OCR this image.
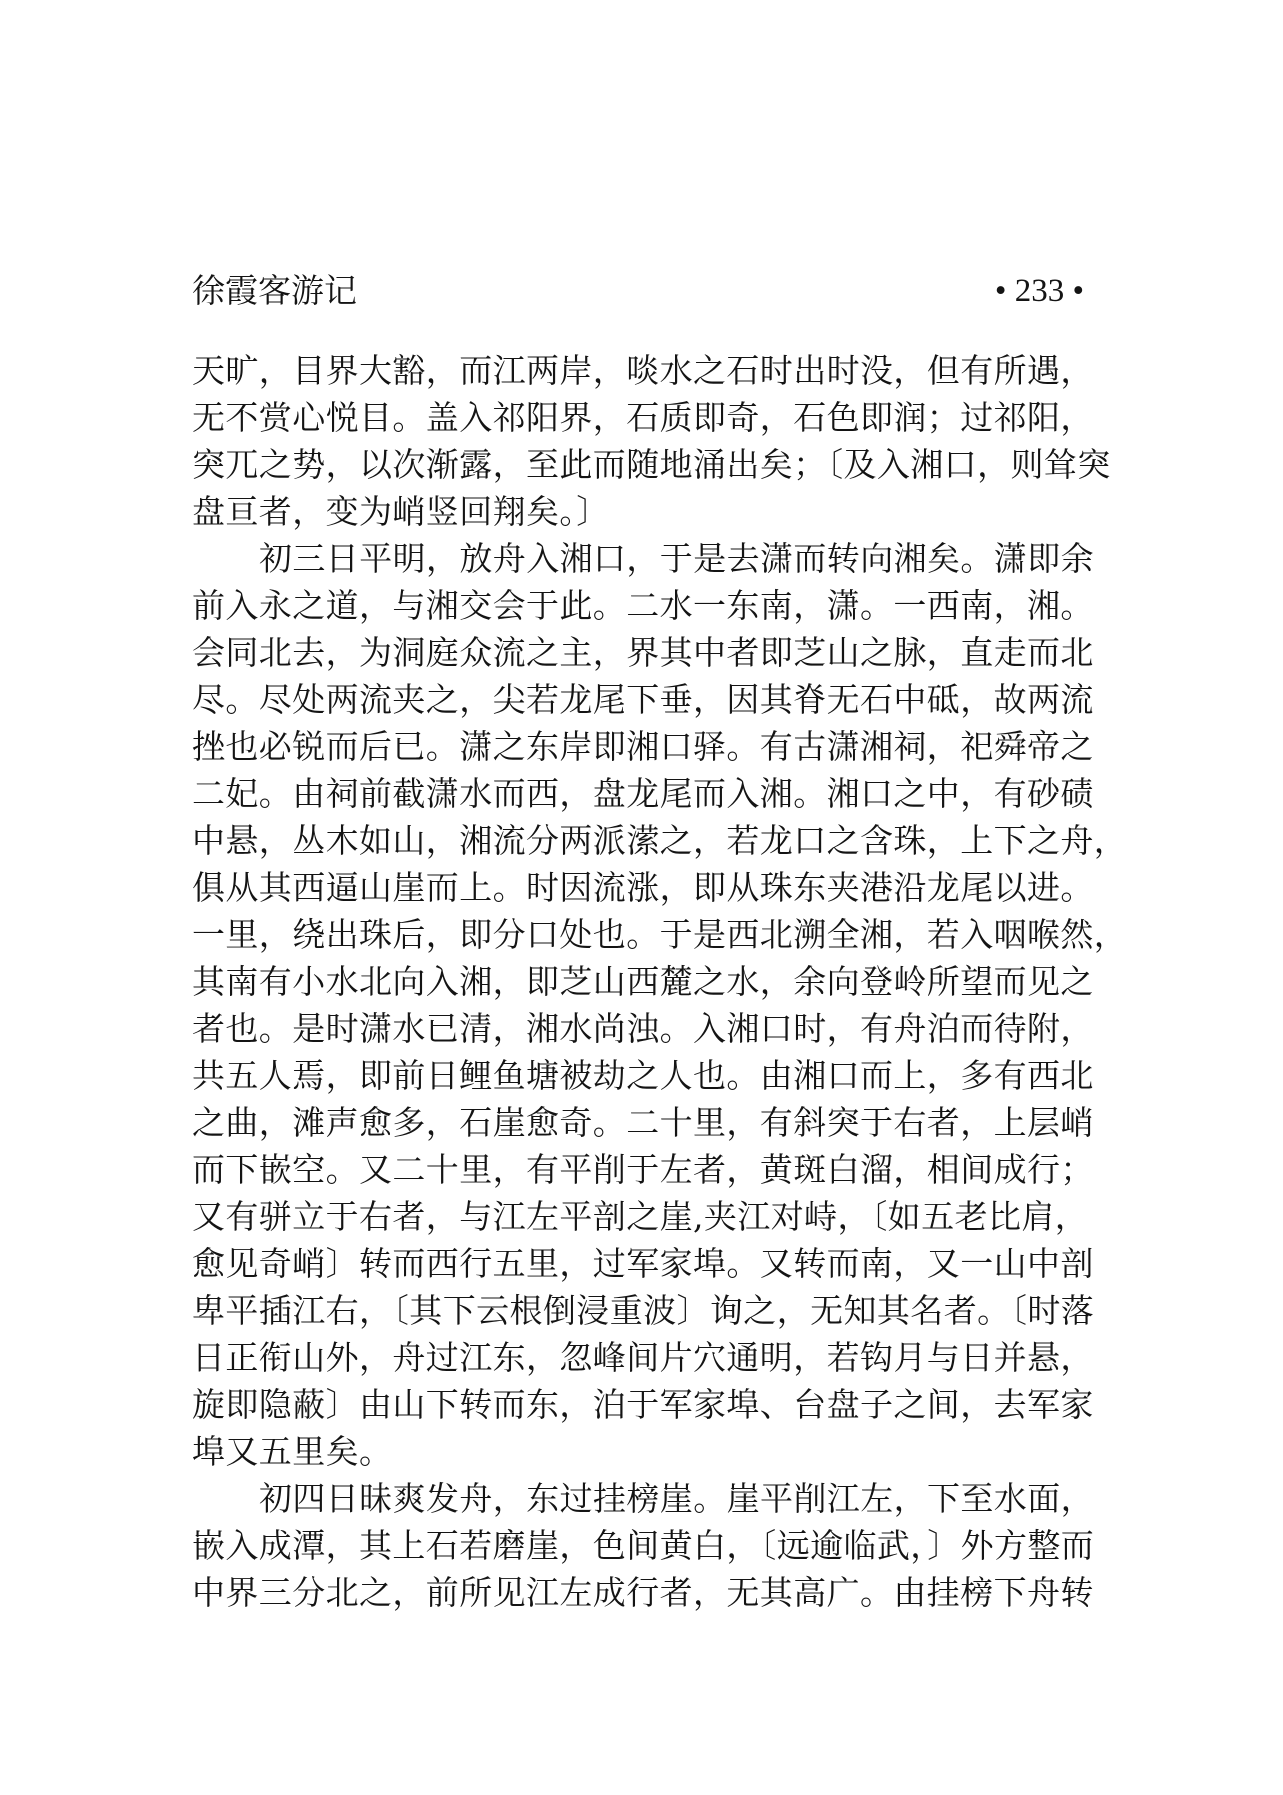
徐霞客游记	• 233 •
天旷，目界大豁，而江两岸，啖水之石时出时没，但有所遇，
无不赏心悦目。盖入祁阳界，石质即奇，石色即润；过祁阳，
突兀之势，以次渐露，至此而随地涌出矣；〔及入湘口，则耸突
盘亘者，变为峭竖回翔矣。〕
初三日平明，放舟入湘口，于是去潇而转向湘矣。潇即余
前入永之道，与湘交会于此。二水一东南，潇。一西南，湘。
会同北去，为洞庭众流之主，界其中者即芝山之脉，直走而北
尽。尽处两流夹之，尖若龙尾下垂，因其脊无石中砥，故两流
挫也必锐而后已。潇之东岸即湘口驿。有古潇湘祠，祀舜帝之
二妃。由祠前截潇水而西，盘龙尾而入湘。湘口之中，有砂碛
中悬，丛木如山，湘流分两派潆之，若龙口之含珠，上下之舟，
俱从其西逼山崖而上。时因流涨，即从珠东夹港沿龙尾以进。
一里，绕出珠后，即分口处也。于是西北溯全湘，若入咽喉然，
其南有小水北向入湘，即芝山西麓之水，余向登岭所望而见之
者也。是时潇水已清，湘水尚浊。入湘口时，有舟泊而待附，
共五人焉，即前日鲤鱼塘被劫之人也。由湘口而上，多有西北
之曲，滩声愈多，石崖愈奇。二十里，有斜突于右者，上层峭
而下嵌空。又二十里，有平削于左者，黄斑白溜，相间成行；
又有骈立于右者，与江左平剖之崖,夹江对峙，〔如五老比肩，
愈见奇峭〕转而西行五里，过军家埠。又转而南，又一山中剖
卑平插江右，〔其下云根倒浸重波〕询之，无知其名者。〔时落
日正衔山外，舟过江东，忽峰间片穴通明，若钩月与日并悬，
旋即隐蔽〕由山下转而东，泊于军家埠、台盘子之间，去军家
埠又五里矣。
初四日昧爽发舟，东过挂榜崖。崖平削江左，下至水面，
嵌入成潭，其上石若磨崖，色间黄白，〔远逾临武，〕外方整而
中界三分北之，前所见江左成行者，无其高广。由挂榜下舟转
